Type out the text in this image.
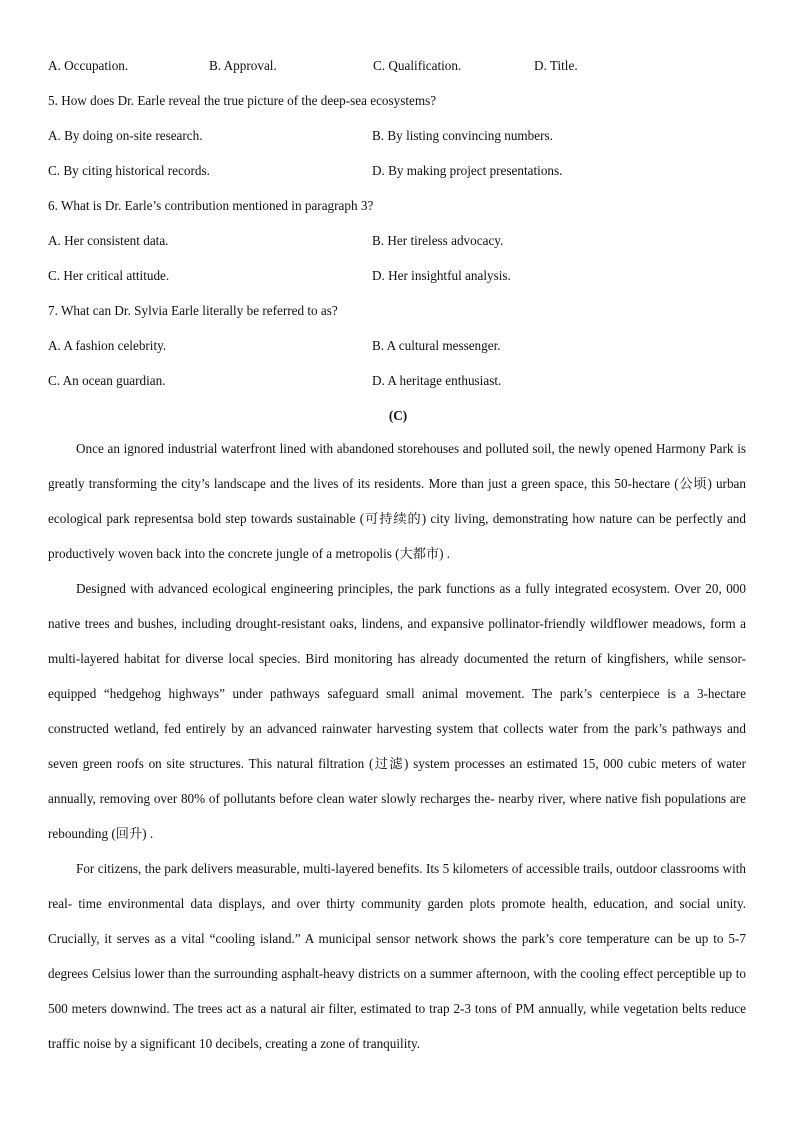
A. Occupation.	B. Approval.	C. Qualification.	D. Title.
5. How does Dr. Earle reveal the true picture of the deep-sea ecosystems?
A. By doing on-site research.	B. By listing convincing numbers.
C. By citing historical records.	D. By making project presentations.
6. What is Dr. Earle’s contribution mentioned in paragraph 3?
A. Her consistent data.	B. Her tireless advocacy.
C. Her critical attitude.	D. Her insightful analysis.
7. What can Dr. Sylvia Earle literally be referred to as?
A. A fashion celebrity.	B. A cultural messenger.
C. An ocean guardian.	D. A heritage enthusiast.
(C)

Once an ignored industrial waterfront lined with abandoned storehouses and polluted soil, the newly opened Harmony Park is greatly transforming the city’s landscape and the lives of its residents. More than just a green space, this 50-hectare (公顷) urban ecological park representsa bold step towards sustainable (可持续的) city living, demonstrating how nature can be perfectly and productively woven back into the concrete jungle of a metropolis (大都市) .

Designed with advanced ecological engineering principles, the park functions as a fully integrated ecosystem. Over 20, 000 native trees and bushes, including drought-resistant oaks, lindens, and expansive pollinator-friendly wildflower meadows, form a multi-layered habitat for diverse local species. Bird monitoring has already documented the return of kingfishers, while sensor-equipped “hedgehog highways” under pathways safeguard small animal movement. The park’s centerpiece is a 3-hectare constructed wetland, fed entirely by an advanced rainwater harvesting system that collects water from the park’s pathways and seven green roofs on site structures. This natural filtration (过滤) system processes an estimated 15, 000 cubic meters of water annually, removing over 80% of pollutants before clean water slowly recharges the- nearby river, where native fish populations are rebounding (回升) .

For citizens, the park delivers measurable, multi-layered benefits. Its 5 kilometers of accessible trails, outdoor classrooms with real- time environmental data displays, and over thirty community garden plots promote health, education, and social unity. Crucially, it serves as a vital “cooling island.” A municipal sensor network shows the park’s core temperature can be up to 5-7 degrees Celsius lower than the surrounding asphalt-heavy districts on a summer afternoon, with the cooling effect perceptible up to 500 meters downwind. The trees act as a natural air filter, estimated to trap 2-3 tons of PM annually, while vegetation belts reduce traffic noise by a significant 10 decibels, creating a zone of tranquility.
